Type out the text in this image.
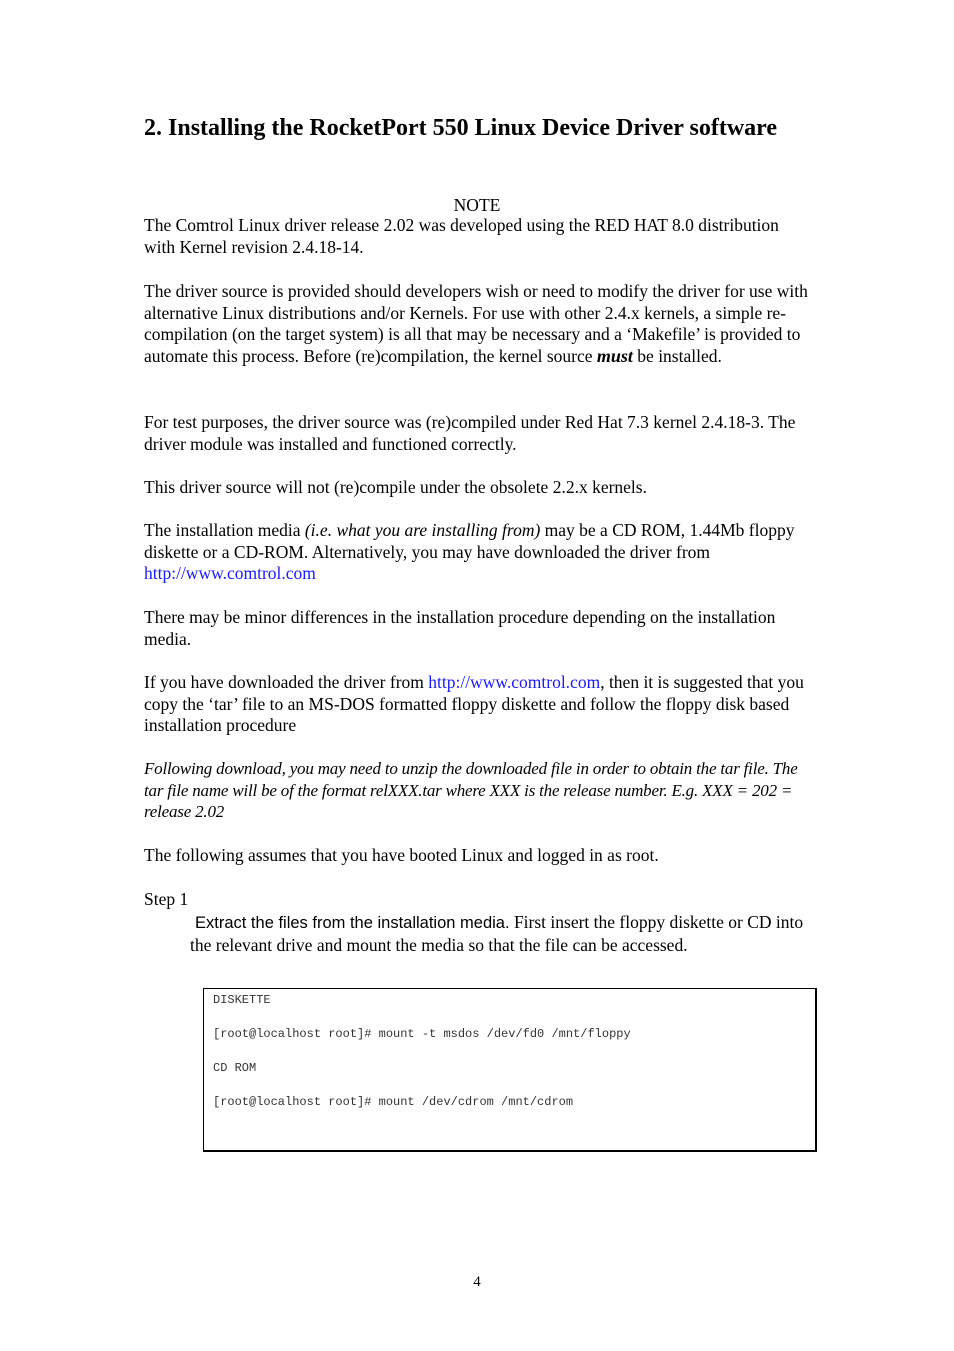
2. Installing the RocketPort 550 Linux Device Driver software
NOTE

The Comtrol Linux driver release 2.02 was developed using the RED HAT 8.0 distribution with Kernel revision 2.4.18-14.

The driver source is provided should developers wish or need to modify the driver for use with alternative Linux distributions and/or Kernels. For use with other 2.4.x kernels, a simple re-compilation (on the target system) is all that may be necessary and a ‘Makefile’ is provided to automate this process. Before (re)compilation, the kernel source must be installed.

For test purposes, the driver source was (re)compiled under Red Hat 7.3 kernel 2.4.18-3. The driver module was installed and functioned correctly.

This driver source will not (re)compile under the obsolete 2.2.x kernels.

The installation media (i.e. what you are installing from) may be a CD ROM, 1.44Mb floppy diskette or a CD-ROM. Alternatively, you may have downloaded the driver from http://www.comtrol.com

There may be minor differences in the installation procedure depending on the installation media.

If you have downloaded the driver from http://www.comtrol.com, then it is suggested that you copy the ‘tar’ file to an MS-DOS formatted floppy diskette and follow the floppy disk based installation procedure

Following download, you may need to unzip the downloaded file in order to obtain the tar file. The tar file name will be of the format relXXX.tar where XXX is the release number. E.g. XXX = 202 = release 2.02

The following assumes that you have booted Linux and logged in as root.

Step 1

Extract the files from the installation media. First insert the floppy diskette or CD into the relevant drive and mount the media so that the file can be accessed.

DISKETTE
[root@localhost root]# mount -t msdos /dev/fd0 /mnt/floppy
CD ROM
[root@localhost root]# mount /dev/cdrom /mnt/cdrom
4
